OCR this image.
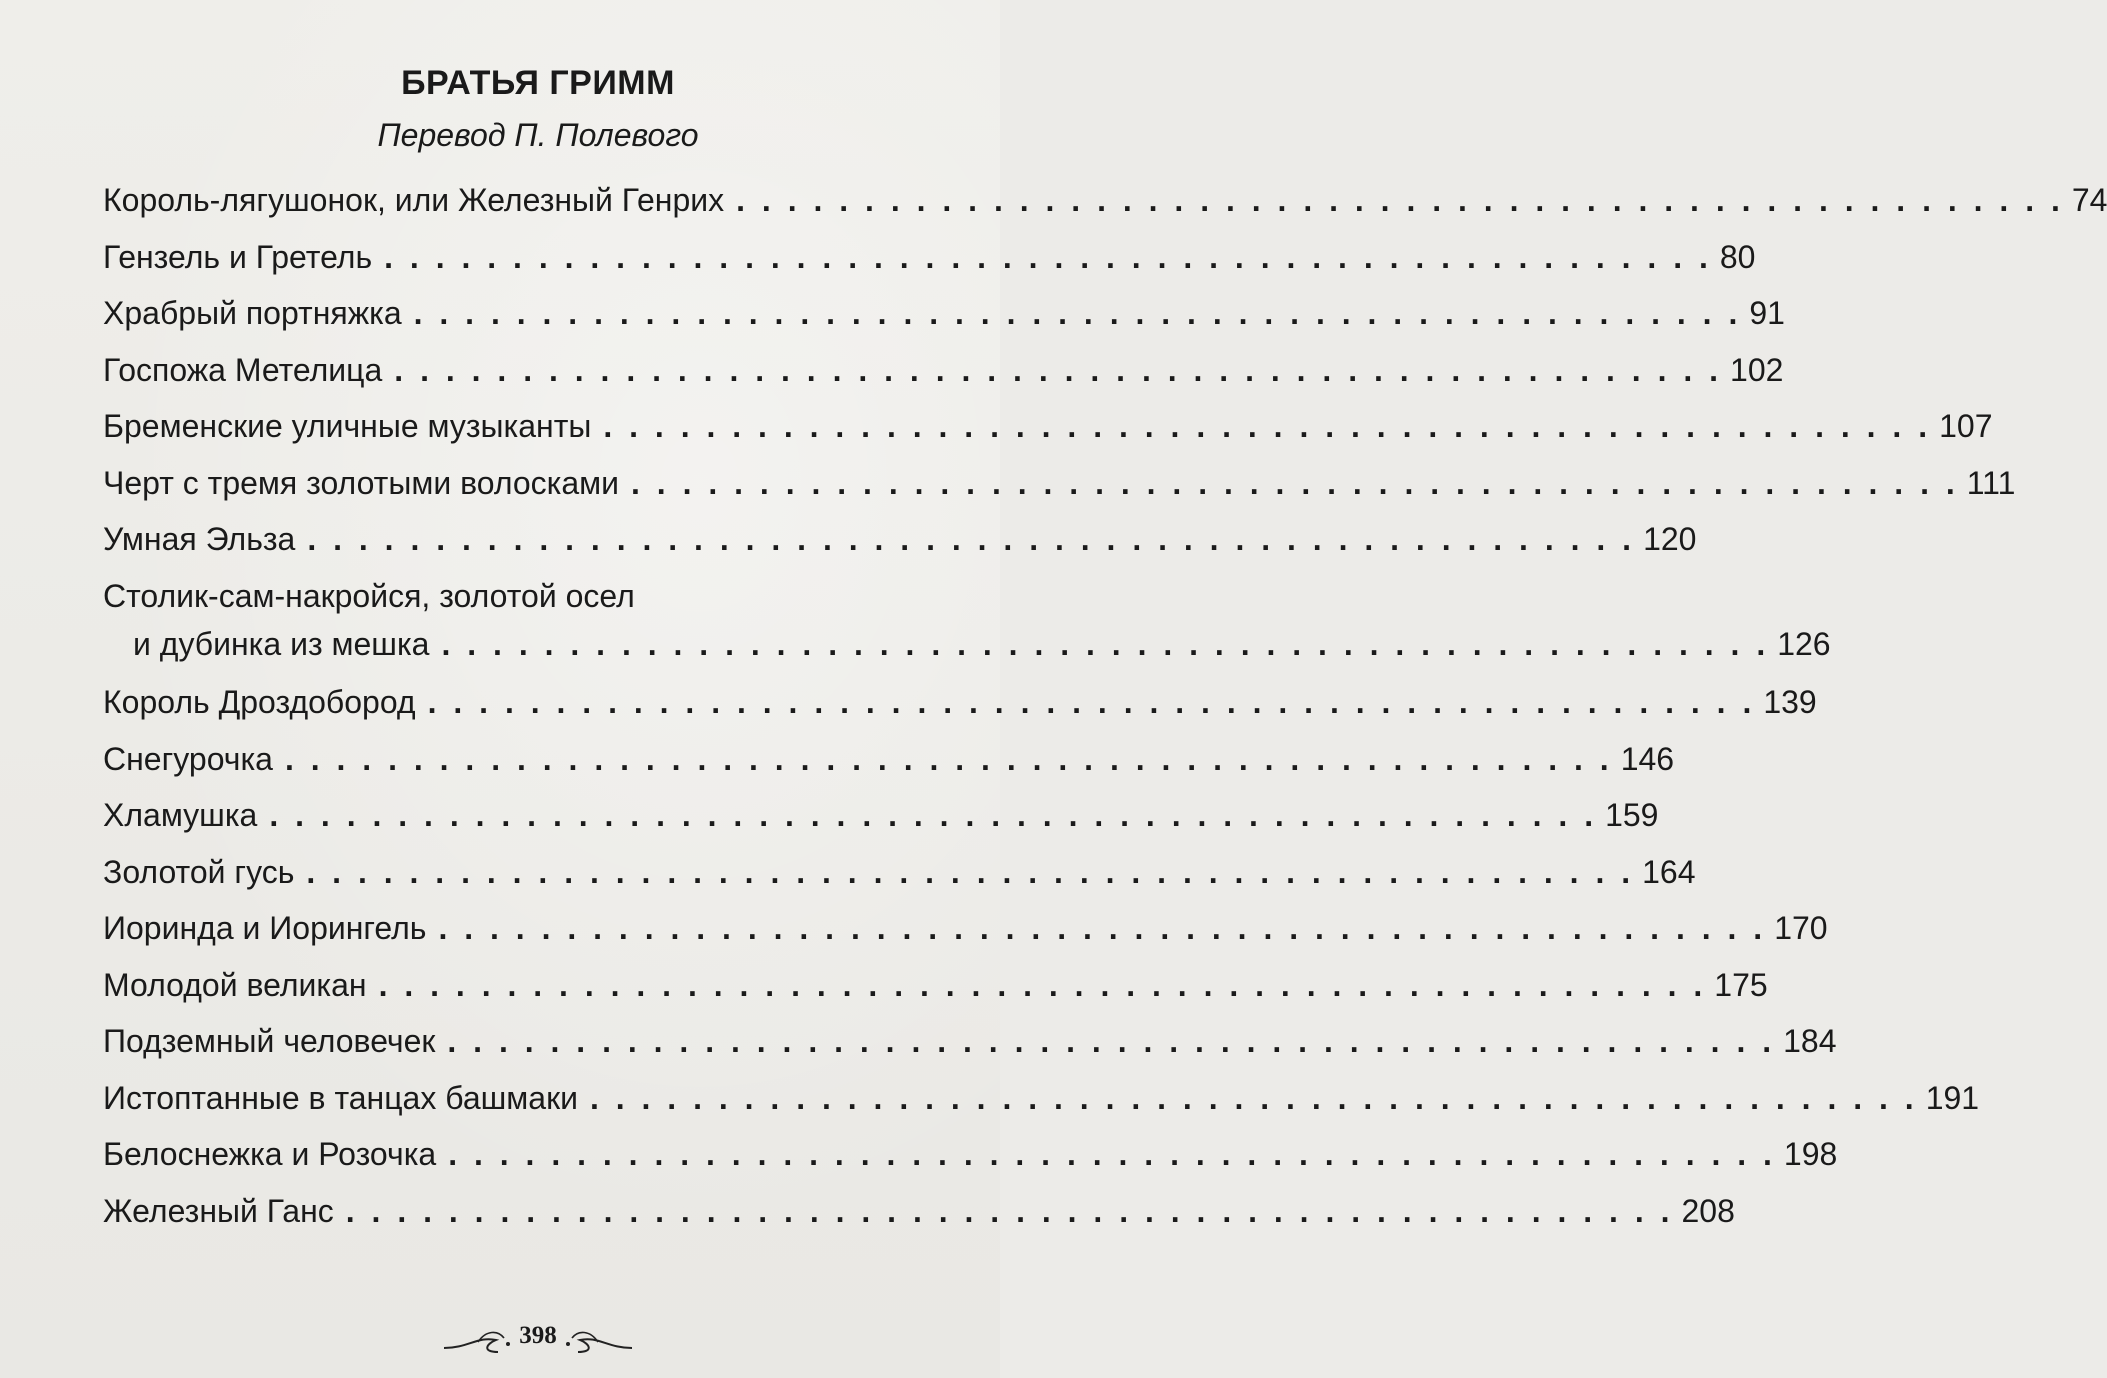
БРАТЬЯ ГРИММ
Перевод П. Полевого
Король-лягушонок, или Железный Генрих . . . . . . . . . . . . . . . . . . . . . . . . . . . . . . . . . . . . . . . . . . . . . . . . . . . . 74
Гензель и Гретель . . . . . . . . . . . . . . . . . . . . . . . . . . . . . . . . . . . . . . . . . . . . . . . . . . . . 80
Храбрый портняжка . . . . . . . . . . . . . . . . . . . . . . . . . . . . . . . . . . . . . . . . . . . . . . . . . . . . 91
Госпожа Метелица . . . . . . . . . . . . . . . . . . . . . . . . . . . . . . . . . . . . . . . . . . . . . . . . . . . . 102
Бременские уличные музыканты . . . . . . . . . . . . . . . . . . . . . . . . . . . . . . . . . . . . . . . . . . . . . . . . . . . . 107
Черт с тремя золотыми волосками . . . . . . . . . . . . . . . . . . . . . . . . . . . . . . . . . . . . . . . . . . . . . . . . . . . . 111
Умная Эльза . . . . . . . . . . . . . . . . . . . . . . . . . . . . . . . . . . . . . . . . . . . . . . . . . . . . 120
Столик-сам-накройся, золотой осел
и дубинка из мешка . . . . . . . . . . . . . . . . . . . . . . . . . . . . . . . . . . . . . . . . . . . . . . . . . . . . 126
Король Дроздобород . . . . . . . . . . . . . . . . . . . . . . . . . . . . . . . . . . . . . . . . . . . . . . . . . . . . 139
Снегурочка . . . . . . . . . . . . . . . . . . . . . . . . . . . . . . . . . . . . . . . . . . . . . . . . . . . . 146
Хламушка . . . . . . . . . . . . . . . . . . . . . . . . . . . . . . . . . . . . . . . . . . . . . . . . . . . . 159
Золотой гусь . . . . . . . . . . . . . . . . . . . . . . . . . . . . . . . . . . . . . . . . . . . . . . . . . . . . 164
Иоринда и Иорингель . . . . . . . . . . . . . . . . . . . . . . . . . . . . . . . . . . . . . . . . . . . . . . . . . . . . 170
Молодой великан . . . . . . . . . . . . . . . . . . . . . . . . . . . . . . . . . . . . . . . . . . . . . . . . . . . . 175
Подземный человечек . . . . . . . . . . . . . . . . . . . . . . . . . . . . . . . . . . . . . . . . . . . . . . . . . . . . 184
Истоптанные в танцах башмаки . . . . . . . . . . . . . . . . . . . . . . . . . . . . . . . . . . . . . . . . . . . . . . . . . . . . 191
Белоснежка и Розочка . . . . . . . . . . . . . . . . . . . . . . . . . . . . . . . . . . . . . . . . . . . . . . . . . . . . 198
Железный Ганс . . . . . . . . . . . . . . . . . . . . . . . . . . . . . . . . . . . . . . . . . . . . . . . . . . . . 208
398
